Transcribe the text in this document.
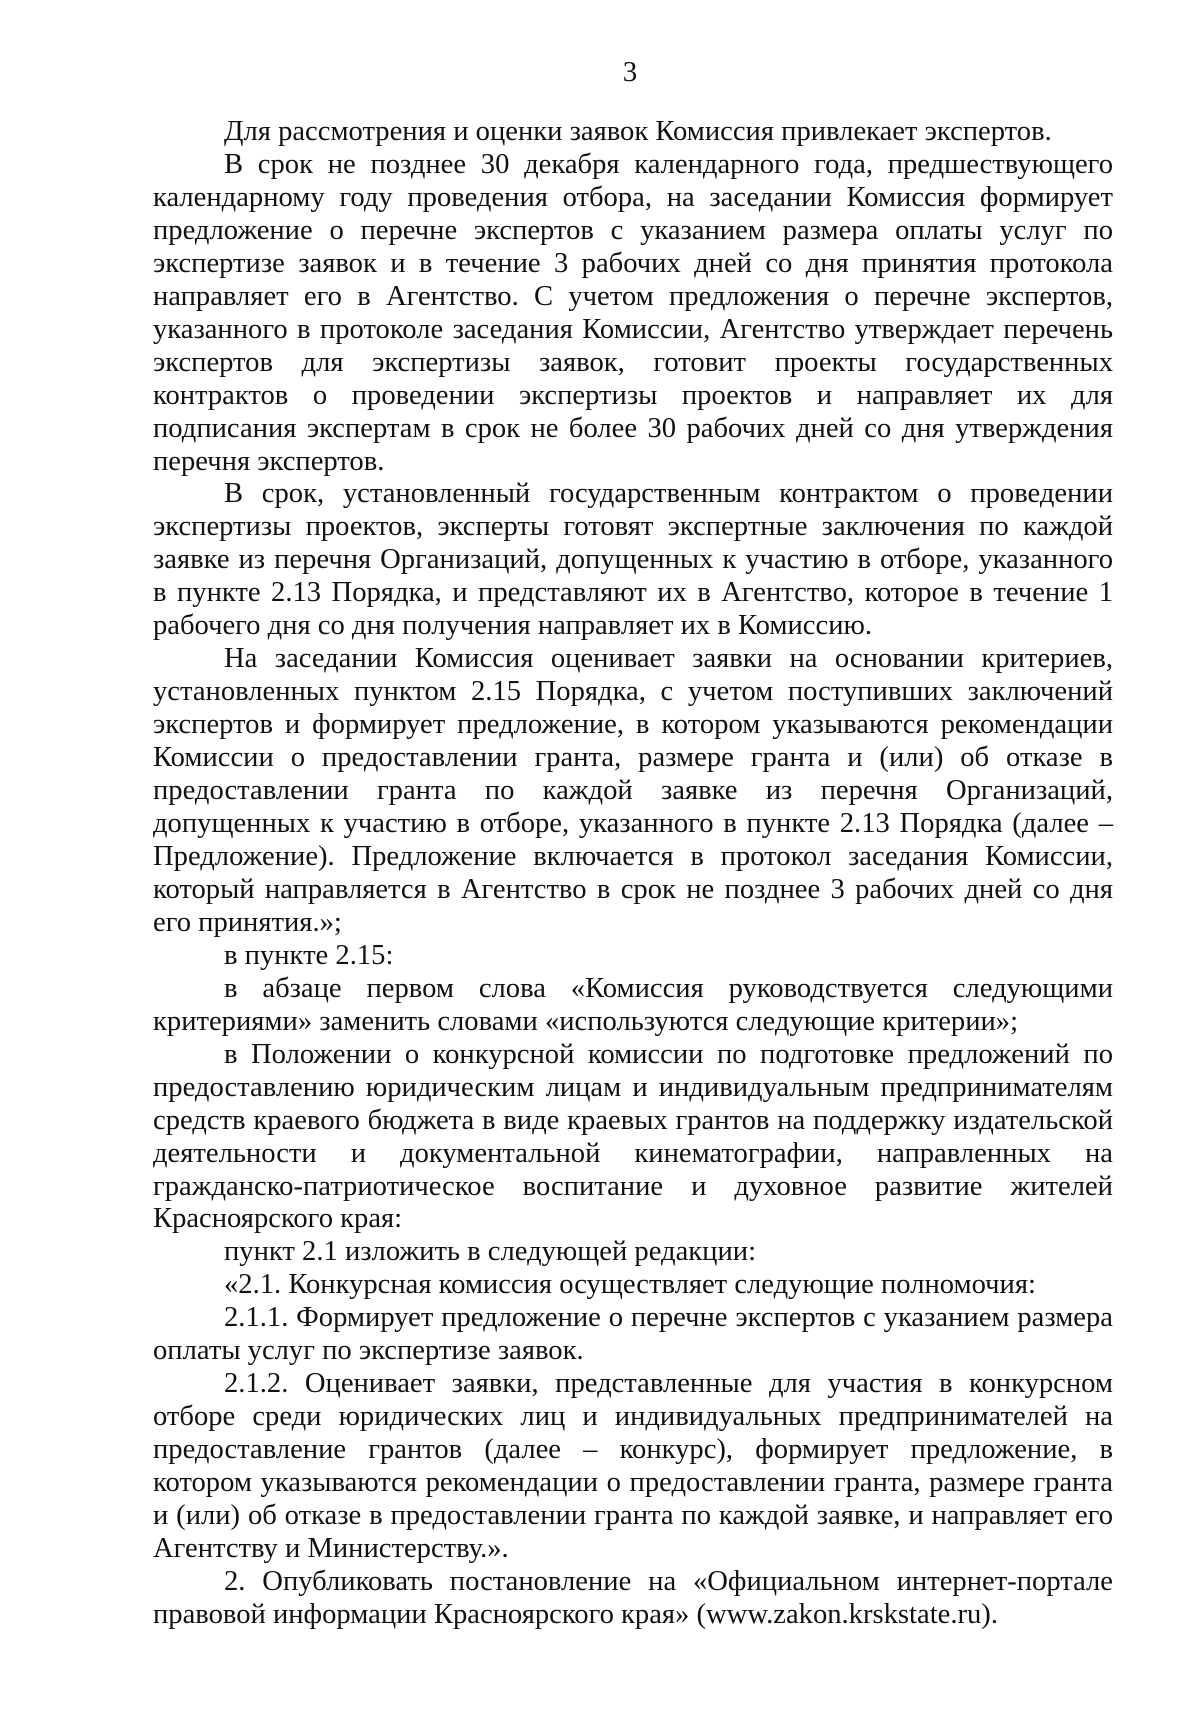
3

Для рассмотрения и оценки заявок Комиссия привлекает экспертов.

В срок не позднее 30 декабря календарного года, предшествующего календарному году проведения отбора, на заседании Комиссия формирует предложение о перечне экспертов с указанием размера оплаты услуг по экспертизе заявок и в течение 3 рабочих дней со дня принятия протокола направляет его в Агентство. С учетом предложения о перечне экспертов, указанного в протоколе заседания Комиссии, Агентство утверждает перечень экспертов для экспертизы заявок, готовит проекты государственных контрактов о проведении экспертизы проектов и направляет их для подписания экспертам в срок не более 30 рабочих дней со дня утверждения перечня экспертов.

В срок, установленный государственным контрактом о проведении экспертизы проектов, эксперты готовят экспертные заключения по каждой заявке из перечня Организаций, допущенных к участию в отборе, указанного в пункте 2.13 Порядка, и представляют их в Агентство, которое в течение 1 рабочего дня со дня получения направляет их в Комиссию.

На заседании Комиссия оценивает заявки на основании критериев, установленных пунктом 2.15 Порядка, с учетом поступивших заключений экспертов и формирует предложение, в котором указываются рекомендации Комиссии о предоставлении гранта, размере гранта и (или) об отказе в предоставлении гранта по каждой заявке из перечня Организаций, допущенных к участию в отборе, указанного в пункте 2.13 Порядка (далее – Предложение). Предложение включается в протокол заседания Комиссии, который направляется в Агентство в срок не позднее 3 рабочих дней со дня его принятия.»;

в пункте 2.15:

в абзаце первом слова «Комиссия руководствуется следующими критериями» заменить словами «используются следующие критерии»;

в Положении о конкурсной комиссии по подготовке предложений по предоставлению юридическим лицам и индивидуальным предпринимателям средств краевого бюджета в виде краевых грантов на поддержку издательской деятельности и документальной кинематографии, направленных на гражданско-патриотическое воспитание и духовное развитие жителей Красноярского края:

пункт 2.1 изложить в следующей редакции:

«2.1. Конкурсная комиссия осуществляет следующие полномочия:

2.1.1. Формирует предложение о перечне экспертов с указанием размера оплаты услуг по экспертизе заявок.

2.1.2. Оценивает заявки, представленные для участия в конкурсном отборе среди юридических лиц и индивидуальных предпринимателей на предоставление грантов (далее – конкурс), формирует предложение, в котором указываются рекомендации о предоставлении гранта, размере гранта и (или) об отказе в предоставлении гранта по каждой заявке, и направляет его Агентству и Министерству.».

2. Опубликовать постановление на «Официальном интернет-портале правовой информации Красноярского края» (www.zakon.krskstate.ru).
